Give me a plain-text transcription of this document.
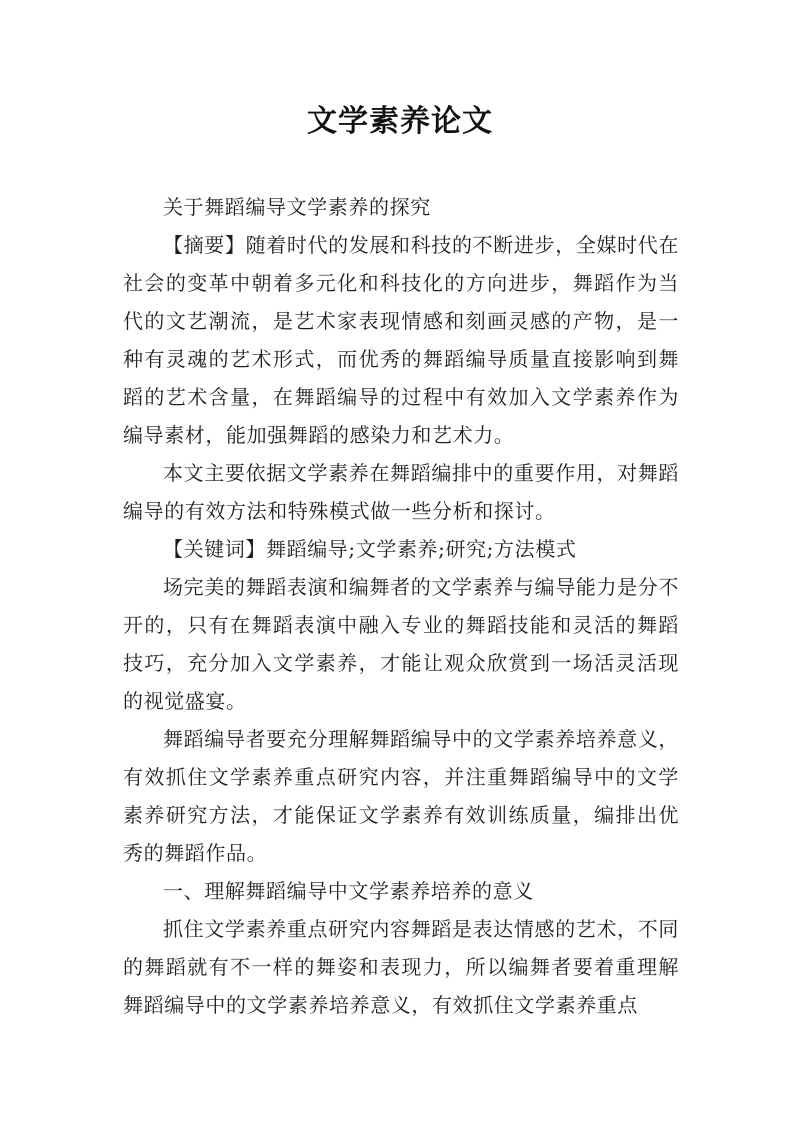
文学素养论文

关于舞蹈编导文学素养的探究

【摘要】随着时代的发展和科技的不断进步，全媒时代在社会的变革中朝着多元化和科技化的方向进步，舞蹈作为当代的文艺潮流，是艺术家表现情感和刻画灵感的产物，是一种有灵魂的艺术形式，而优秀的舞蹈编导质量直接影响到舞蹈的艺术含量，在舞蹈编导的过程中有效加入文学素养作为编导素材，能加强舞蹈的感染力和艺术力。

本文主要依据文学素养在舞蹈编排中的重要作用，对舞蹈编导的有效方法和特殊模式做一些分析和探讨。

【关键词】舞蹈编导;文学素养;研究;方法模式

场完美的舞蹈表演和编舞者的文学素养与编导能力是分不开的，只有在舞蹈表演中融入专业的舞蹈技能和灵活的舞蹈技巧，充分加入文学素养，才能让观众欣赏到一场活灵活现的视觉盛宴。

舞蹈编导者要充分理解舞蹈编导中的文学素养培养意义，有效抓住文学素养重点研究内容，并注重舞蹈编导中的文学素养研究方法，才能保证文学素养有效训练质量，编排出优秀的舞蹈作品。

一、理解舞蹈编导中文学素养培养的意义

抓住文学素养重点研究内容舞蹈是表达情感的艺术，不同的舞蹈就有不一样的舞姿和表现力，所以编舞者要着重理解舞蹈编导中的文学素养培养意义，有效抓住文学素养重点
